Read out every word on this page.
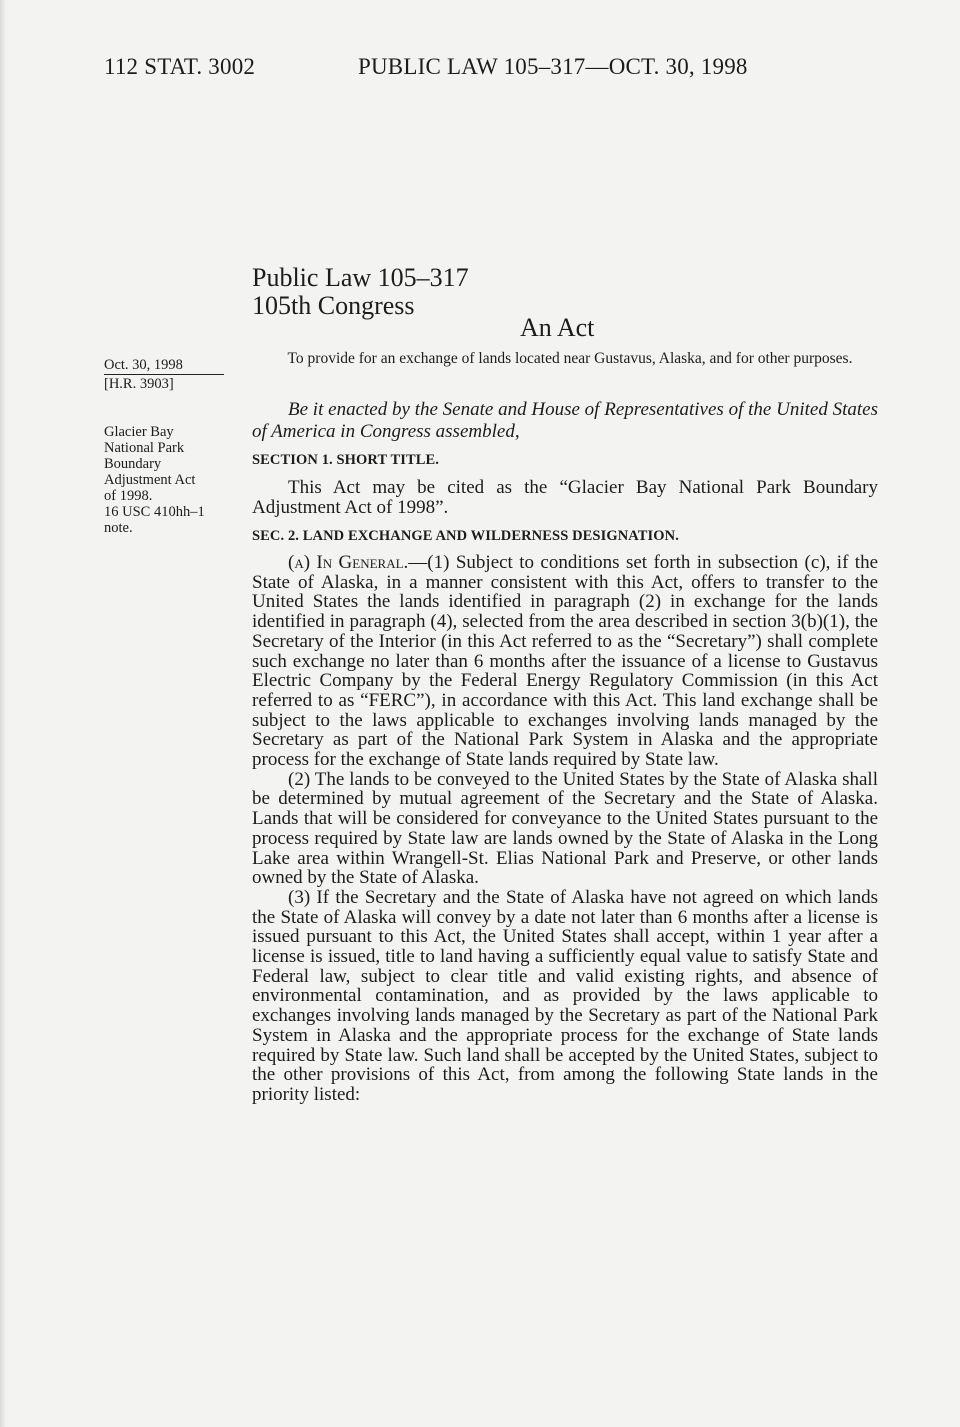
112 STAT. 3002	PUBLIC LAW 105–317—OCT. 30, 1998
Public Law 105–317
105th Congress
An Act
To provide for an exchange of lands located near Gustavus, Alaska, and for other purposes.
Oct. 30, 1998
[H.R. 3903]
Glacier Bay
National Park
Boundary
Adjustment Act
of 1998.
16 USC 410hh–1
note.
Be it enacted by the Senate and House of Representatives of the United States of America in Congress assembled,
SECTION 1. SHORT TITLE.

This Act may be cited as the “Glacier Bay National Park Boundary Adjustment Act of 1998”.

SEC. 2. LAND EXCHANGE AND WILDERNESS DESIGNATION.

(a) In General.—(1) Subject to conditions set forth in subsection (c), if the State of Alaska, in a manner consistent with this Act, offers to transfer to the United States the lands identified in paragraph (2) in exchange for the lands identified in paragraph (4), selected from the area described in section 3(b)(1), the Secretary of the Interior (in this Act referred to as the “Secretary”) shall complete such exchange no later than 6 months after the issuance of a license to Gustavus Electric Company by the Federal Energy Regulatory Commission (in this Act referred to as “FERC”), in accordance with this Act. This land exchange shall be subject to the laws applicable to exchanges involving lands managed by the Secretary as part of the National Park System in Alaska and the appropriate process for the exchange of State lands required by State law.

(2) The lands to be conveyed to the United States by the State of Alaska shall be determined by mutual agreement of the Secretary and the State of Alaska. Lands that will be considered for conveyance to the United States pursuant to the process required by State law are lands owned by the State of Alaska in the Long Lake area within Wrangell-St. Elias National Park and Preserve, or other lands owned by the State of Alaska.

(3) If the Secretary and the State of Alaska have not agreed on which lands the State of Alaska will convey by a date not later than 6 months after a license is issued pursuant to this Act, the United States shall accept, within 1 year after a license is issued, title to land having a sufficiently equal value to satisfy State and Federal law, subject to clear title and valid existing rights, and absence of environmental contamination, and as provided by the laws applicable to exchanges involving lands managed by the Secretary as part of the National Park System in Alaska and the appropriate process for the exchange of State lands required by State law. Such land shall be accepted by the United States, subject to the other provisions of this Act, from among the following State lands in the priority listed:
